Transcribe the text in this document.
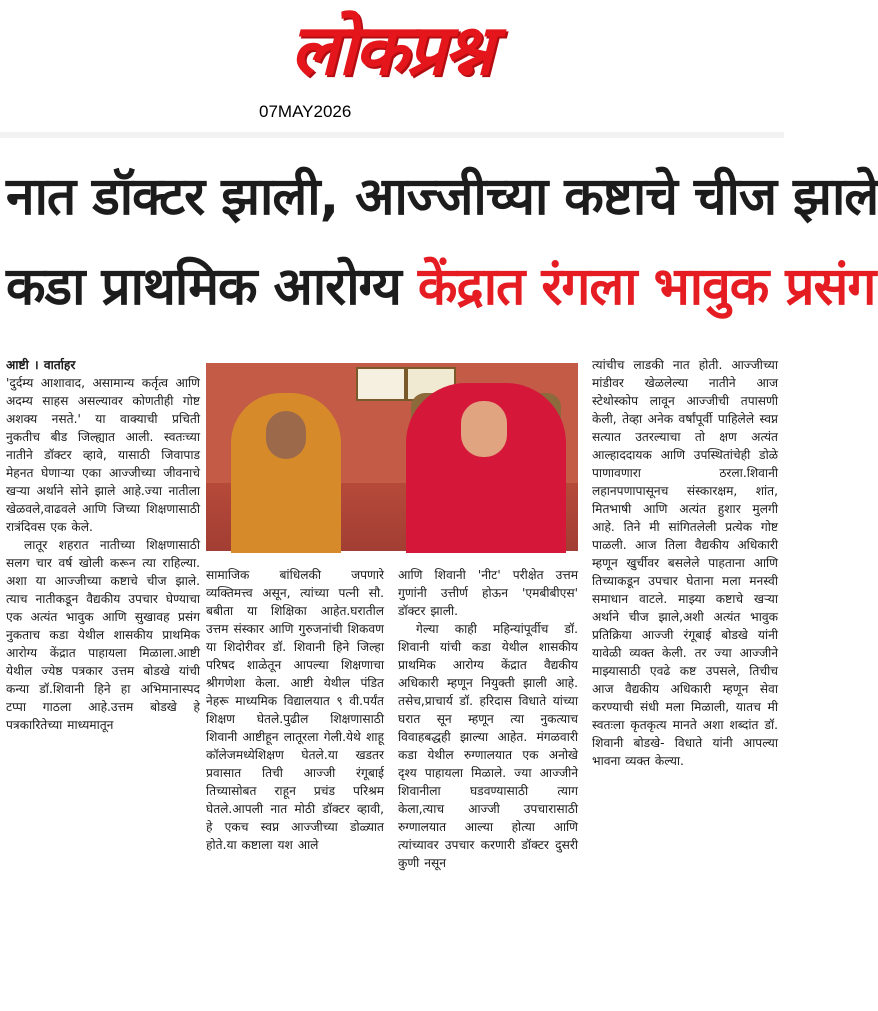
लोकप्रश्न
07MAY2026
नात डॉक्टर झाली, आज्जीच्या कष्टाचे चीज झाले
कडा प्राथमिक आरोग्य केंद्रात रंगला भावुक प्रसंग

आष्टी । वार्ताहर

'दुर्दम्य आशावाद, असामान्य कर्तृत्व आणि अदम्य साहस असल्यावर कोणतीही गोष्ट अशक्य नसते.' या वाक्याची प्रचिती नुकतीच बीड जिल्ह्यात आली. स्वतःच्या नातीने डॉक्टर व्हावे, यासाठी जिवापाड मेहनत घेणाऱ्या एका आज्जीच्या जीवनाचे खऱ्या अर्थाने सोने झाले आहे.ज्या नातीला खेळवले,वाढवले आणि जिच्या शिक्षणासाठी रात्रंदिवस एक केले.

लातूर शहरात नातीच्या शिक्षणासाठी सलग चार वर्ष खोली करून त्या राहिल्या. अशा या आज्जीच्या कष्टाचे चीज झाले. त्याच नातीकडून वैद्यकीय उपचार घेण्याचा एक अत्यंत भावुक आणि सुखावह प्रसंग नुकताच कडा येथील शासकीय प्राथमिक आरोग्य केंद्रात पाहायला मिळाला.आष्टी येथील ज्येष्ठ पत्रकार उत्तम बोडखे यांची कन्या डॉ.शिवानी हिने हा अभिमानास्पद टप्पा गाठला आहे.उत्तम बोडखे हे पत्रकारितेच्या माध्यमातून

सामाजिक बांधिलकी जपणारे व्यक्तिमत्त्व असून, त्यांच्या पत्नी सौ. बबीता या शिक्षिका आहेत.घरातील उत्तम संस्कार आणि गुरुजनांची शिकवण या शिदोरीवर डॉ. शिवानी हिने जिल्हा परिषद शाळेतून आपल्या शिक्षणाचा श्रीगणेशा केला. आष्टी येथील पंडित नेहरू माध्यमिक विद्यालयात ९ वी.पर्यंत शिक्षण घेतले.पुढील शिक्षणासाठी शिवानी आष्टीहून लातूरला गेली.येथे शाहू कॉलेजमध्येशिक्षण घेतले.या खडतर प्रवासात तिची आज्जी रंगूबाई तिच्यासोबत राहून प्रचंड परिश्रम घेतले.आपली नात मोठी डॉक्टर व्हावी, हे एकच स्वप्न आज्जीच्या डोळ्यात होते.या कष्टाला यश आले

आणि शिवानी 'नीट' परीक्षेत उत्तम गुणांनी उत्तीर्ण होऊन 'एमबीबीएस' डॉक्टर झाली.

गेल्या काही महिन्यांपूर्वीच डॉ. शिवानी यांची कडा येथील शासकीय प्राथमिक आरोग्य केंद्रात वैद्यकीय अधिकारी म्हणून नियुक्ती झाली आहे. तसेच,प्राचार्य डॉ. हरिदास विधाते यांच्या घरात सून म्हणून त्या नुकत्याच विवाहबद्धही झाल्या आहेत. मंगळवारी कडा येथील रुग्णालयात एक अनोखे दृश्य पाहायला मिळाले. ज्या आज्जीने शिवानीला घडवण्यासाठी त्याग केला,त्याच आज्जी उपचारासाठी रुग्णालयात आल्या होत्या आणि त्यांच्यावर उपचार करणारी डॉक्टर दुसरी कुणी नसून

त्यांचीच लाडकी नात होती. आज्जीच्या मांडीवर खेळलेल्या नातीने आज स्टेथोस्कोप लावून आज्जीची तपासणी केली, तेव्हा अनेक वर्षांपूर्वी पाहिलेले स्वप्न सत्यात उतरल्याचा तो क्षण अत्यंत आल्हाददायक आणि उपस्थितांचेही डोळे पाणावणारा ठरला.शिवानी लहानपणापासूनच संस्कारक्षम, शांत, मितभाषी आणि अत्यंत हुशार मुलगी आहे. तिने मी सांगितलेली प्रत्येक गोष्ट पाळली. आज तिला वैद्यकीय अधिकारी म्हणून खुर्चीवर बसलेले पाहताना आणि तिच्याकडून उपचार घेताना मला मनस्वी समाधान वाटले. माझ्या कष्टाचे खऱ्या अर्थाने चीज झाले,अशी अत्यंत भावुक प्रतिक्रिया आज्जी रंगूबाई बोडखे यांनी यावेळी व्यक्त केली. तर ज्या आज्जीने माझ्यासाठी एवढे कष्ट उपसले, तिचीच आज वैद्यकीय अधिकारी म्हणून सेवा करण्याची संधी मला मिळाली, यातच मी स्वतःला कृतकृत्य मानते अशा शब्दांत डॉ. शिवानी बोडखे- विधाते यांनी आपल्या भावना व्यक्त केल्या.
